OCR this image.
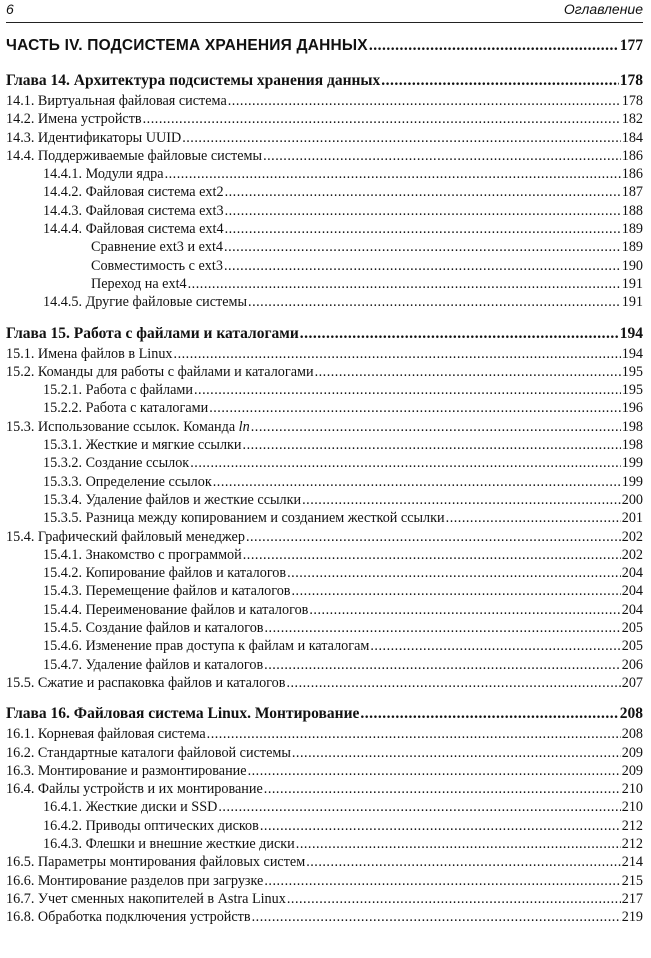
6	Оглавление
ЧАСТЬ IV. ПОДСИСТЕМА ХРАНЕНИЯ ДАННЫХ .....	177
Глава 14. Архитектура подсистемы хранения данных .....	178
14.1. Виртуальная файловая система .....	178
14.2. Имена устройств .....	182
14.3. Идентификаторы UUID .....	184
14.4. Поддерживаемые файловые системы .....	186
14.4.1. Модули ядра .....	186
14.4.2. Файловая система ext2 .....	187
14.4.3. Файловая система ext3 .....	188
14.4.4. Файловая система ext4 .....	189
Сравнение ext3 и ext4 .....	189
Совместимость с ext3 .....	190
Переход на ext4 .....	191
14.4.5. Другие файловые системы .....	191
Глава 15. Работа с файлами и каталогами .....	194
15.1. Имена файлов в Linux .....	194
15.2. Команды для работы с файлами и каталогами .....	195
15.2.1. Работа с файлами .....	195
15.2.2. Работа с каталогами .....	196
15.3. Использование ссылок. Команда ln .....	198
15.3.1. Жесткие и мягкие ссылки .....	198
15.3.2. Создание ссылок .....	199
15.3.3. Определение ссылок .....	199
15.3.4. Удаление файлов и жесткие ссылки .....	200
15.3.5. Разница между копированием и созданием жесткой ссылки .....	201
15.4. Графический файловый менеджер .....	202
15.4.1. Знакомство с программой .....	202
15.4.2. Копирование файлов и каталогов .....	204
15.4.3. Перемещение файлов и каталогов .....	204
15.4.4. Переименование файлов и каталогов .....	204
15.4.5. Создание файлов и каталогов .....	205
15.4.6. Изменение прав доступа к файлам и каталогам .....	205
15.4.7. Удаление файлов и каталогов .....	206
15.5. Сжатие и распаковка файлов и каталогов .....	207
Глава 16. Файловая система Linux. Монтирование .....	208
16.1. Корневая файловая система .....	208
16.2. Стандартные каталоги файловой системы .....	209
16.3. Монтирование и размонтирование .....	209
16.4. Файлы устройств и их монтирование .....	210
16.4.1. Жесткие диски и SSD .....	210
16.4.2. Приводы оптических дисков .....	212
16.4.3. Флешки и внешние жесткие диски .....	212
16.5. Параметры монтирования файловых систем .....	214
16.6. Монтирование разделов при загрузке .....	215
16.7. Учет сменных накопителей в Astra Linux .....	217
16.8. Обработка подключения устройств .....	219
